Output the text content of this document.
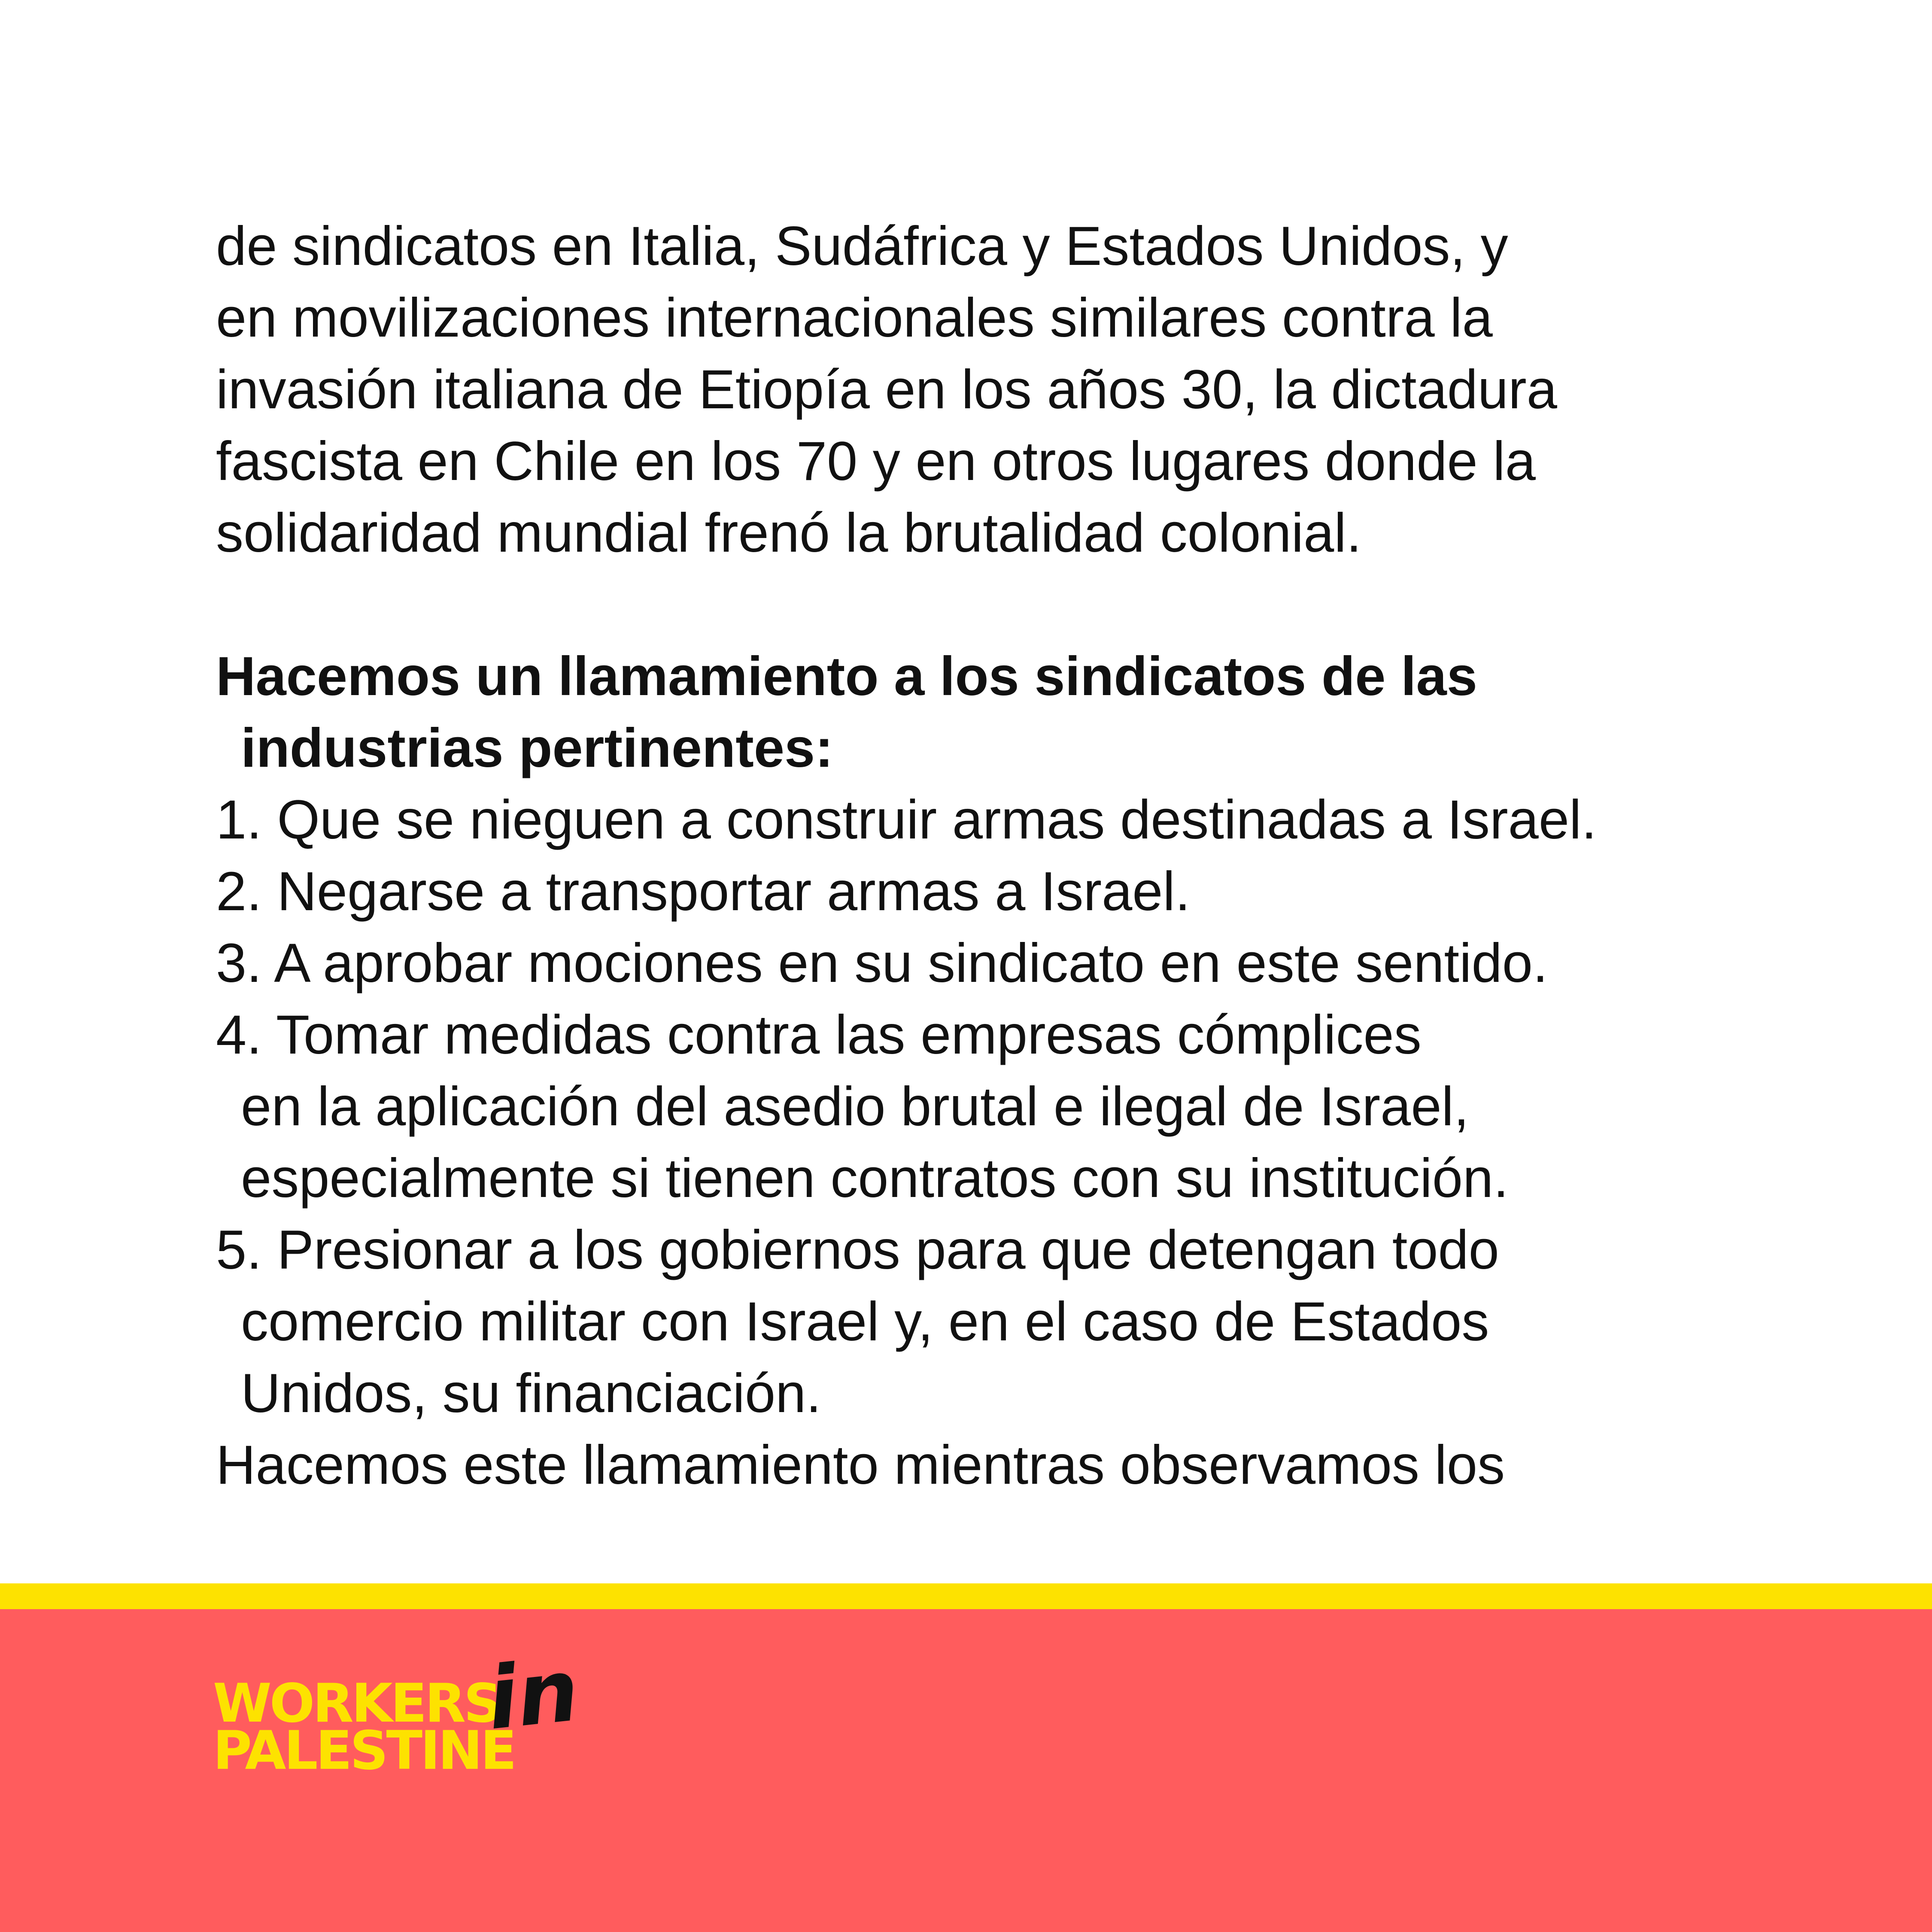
de sindicatos en Italia, Sudáfrica y Estados Unidos, y
en movilizaciones internacionales similares contra la
invasión italiana de Etiopía en los años 30, la dictadura
fascista en Chile en los 70 y en otros lugares donde la
solidaridad mundial frenó la brutalidad colonial.

Hacemos un llamamiento a los sindicatos de las
industrias pertinentes:

1. Que se nieguen a construir armas destinadas a Israel.
2. Negarse a transportar armas a Israel.
3. A aprobar mociones en su sindicato en este sentido.
4. Tomar medidas contra las empresas cómplices
en la aplicación del asedio brutal e ilegal de Israel,
especialmente si tienen contratos con su institución.
5. Presionar a los gobiernos para que detengan todo
comercio militar con Israel y, en el caso de Estados
Unidos, su financiación.

Hacemos este llamamiento mientras observamos los

WORKERS
in
PALESTINE
